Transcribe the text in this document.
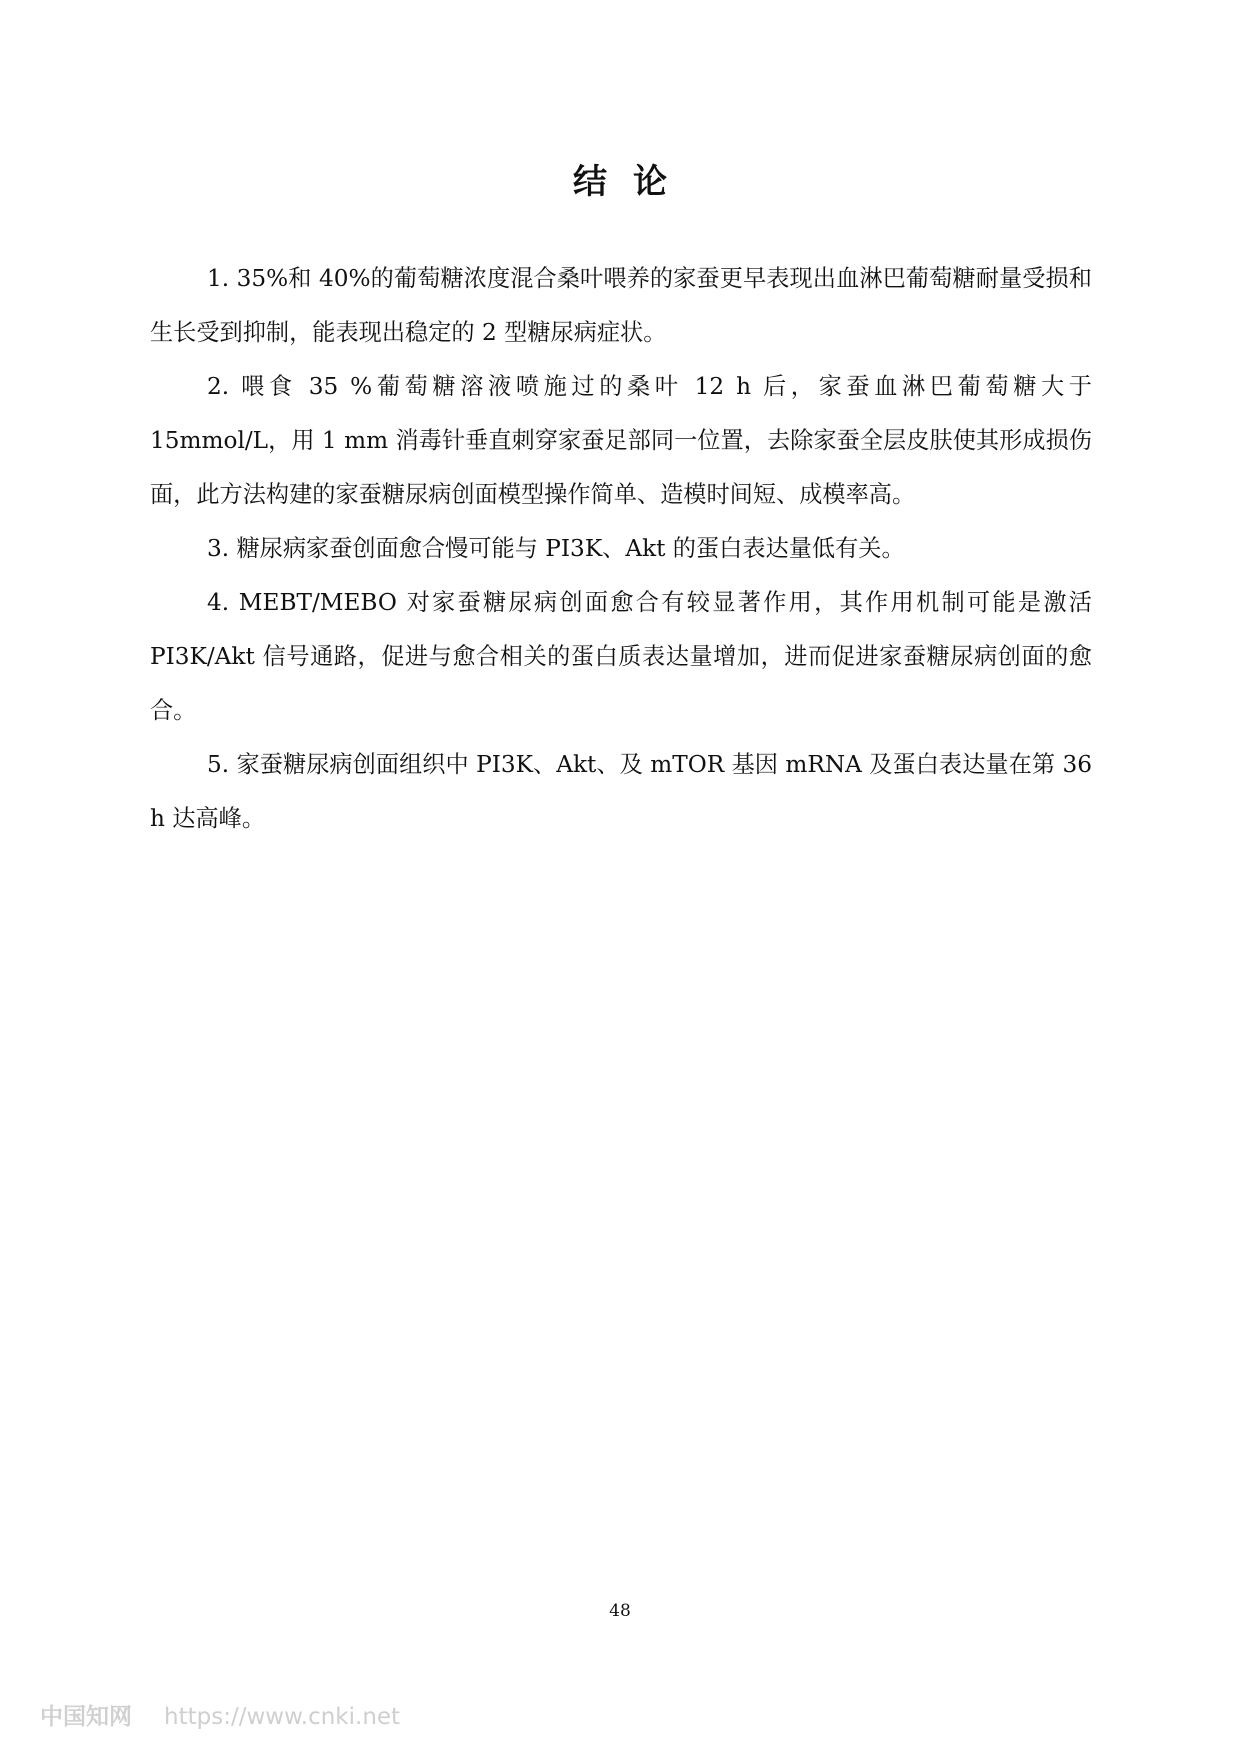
结论

1. 35%和 40%的葡萄糖浓度混合桑叶喂养的家蚕更早表现出血淋巴葡萄糖耐量受损和生长受到抑制，能表现出稳定的 2 型糖尿病症状。

2. 喂食 35 %葡萄糖溶液喷施过的桑叶 12 h 后，家蚕血淋巴葡萄糖大于 15mmol/L，用 1 mm 消毒针垂直刺穿家蚕足部同一位置，去除家蚕全层皮肤使其形成损伤面，此方法构建的家蚕糖尿病创面模型操作简单、造模时间短、成模率高。

3. 糖尿病家蚕创面愈合慢可能与 PI3K、Akt 的蛋白表达量低有关。

4. MEBT/MEBO 对家蚕糖尿病创面愈合有较显著作用，其作用机制可能是激活 PI3K/Akt 信号通路，促进与愈合相关的蛋白质表达量增加，进而促进家蚕糖尿病创面的愈合。

5. 家蚕糖尿病创面组织中 PI3K、Akt、及 mTOR 基因 mRNA 及蛋白表达量在第 36 h 达高峰。

48
中国知网 https://www.cnki.net
